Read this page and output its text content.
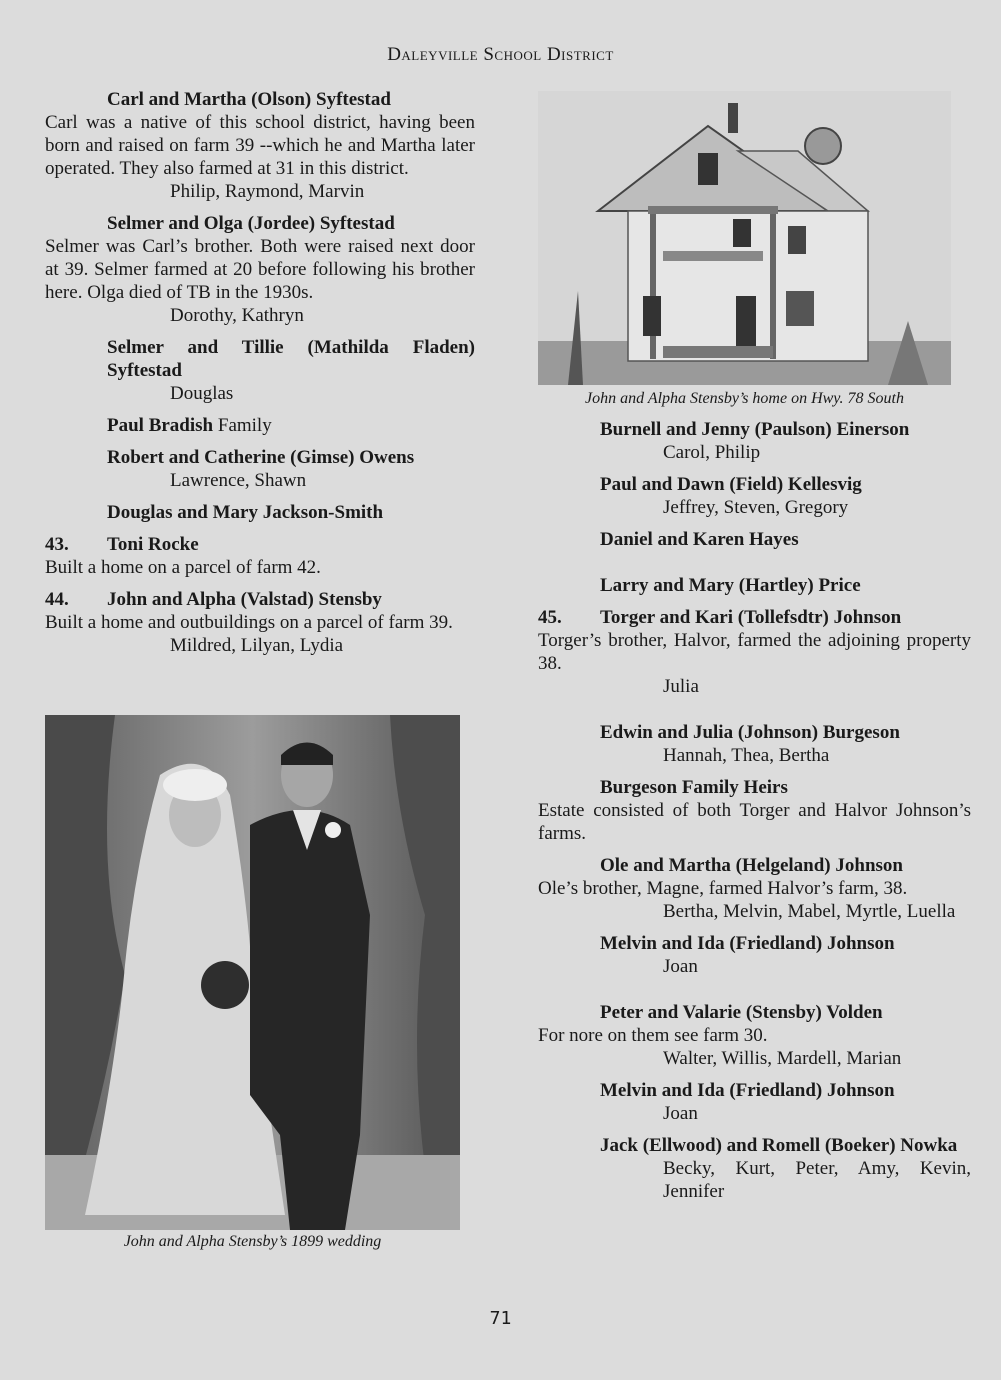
Daleyville School District
Carl and Martha (Olson) Syftestad
Carl was a native of this school district, having been born and raised on farm 39 --which he and Martha later operated. They also farmed at 31 in this district.
Philip, Raymond, Marvin
Selmer and Olga (Jordee) Syftestad
Selmer was Carl’s brother. Both were raised next door at 39. Selmer farmed at 20 before following his brother here. Olga died of TB in the 1930s.
Dorothy, Kathryn
Selmer and Tillie (Mathilda Fladen) Syftestad
Douglas
Paul Bradish Family
Robert and Catherine (Gimse) Owens
Lawrence, Shawn
Douglas and Mary Jackson-Smith
43. Toni Rocke
Built a home on a parcel of farm 42.
44. John and Alpha (Valstad) Stensby
Built a home and outbuildings on a parcel of farm 39.
Mildred, Lilyan, Lydia
John and Alpha Stensby’s 1899 wedding
John and Alpha Stensby’s home on Hwy. 78 South
Burnell and Jenny (Paulson) Einerson
Carol, Philip
Paul and Dawn (Field) Kellesvig
Jeffrey, Steven, Gregory
Daniel and Karen Hayes
Larry and Mary (Hartley) Price
45. Torger and Kari (Tollefsdtr) Johnson
Torger’s brother, Halvor, farmed the adjoining property 38.
Julia
Edwin and Julia (Johnson) Burgeson
Hannah, Thea, Bertha
Burgeson Family Heirs
Estate consisted of both Torger and Halvor Johnson’s farms.
Ole and Martha (Helgeland) Johnson
Ole’s brother, Magne, farmed Halvor’s farm, 38.
Bertha, Melvin, Mabel, Myrtle, Luella
Melvin and Ida (Friedland) Johnson
Joan
Peter and Valarie (Stensby) Volden
For nore on them see farm 30.
Walter, Willis, Mardell, Marian
Melvin and Ida (Friedland) Johnson
Joan
Jack (Ellwood) and Romell (Boeker) Nowka
Becky, Kurt, Peter, Amy, Kevin, Jennifer
71
